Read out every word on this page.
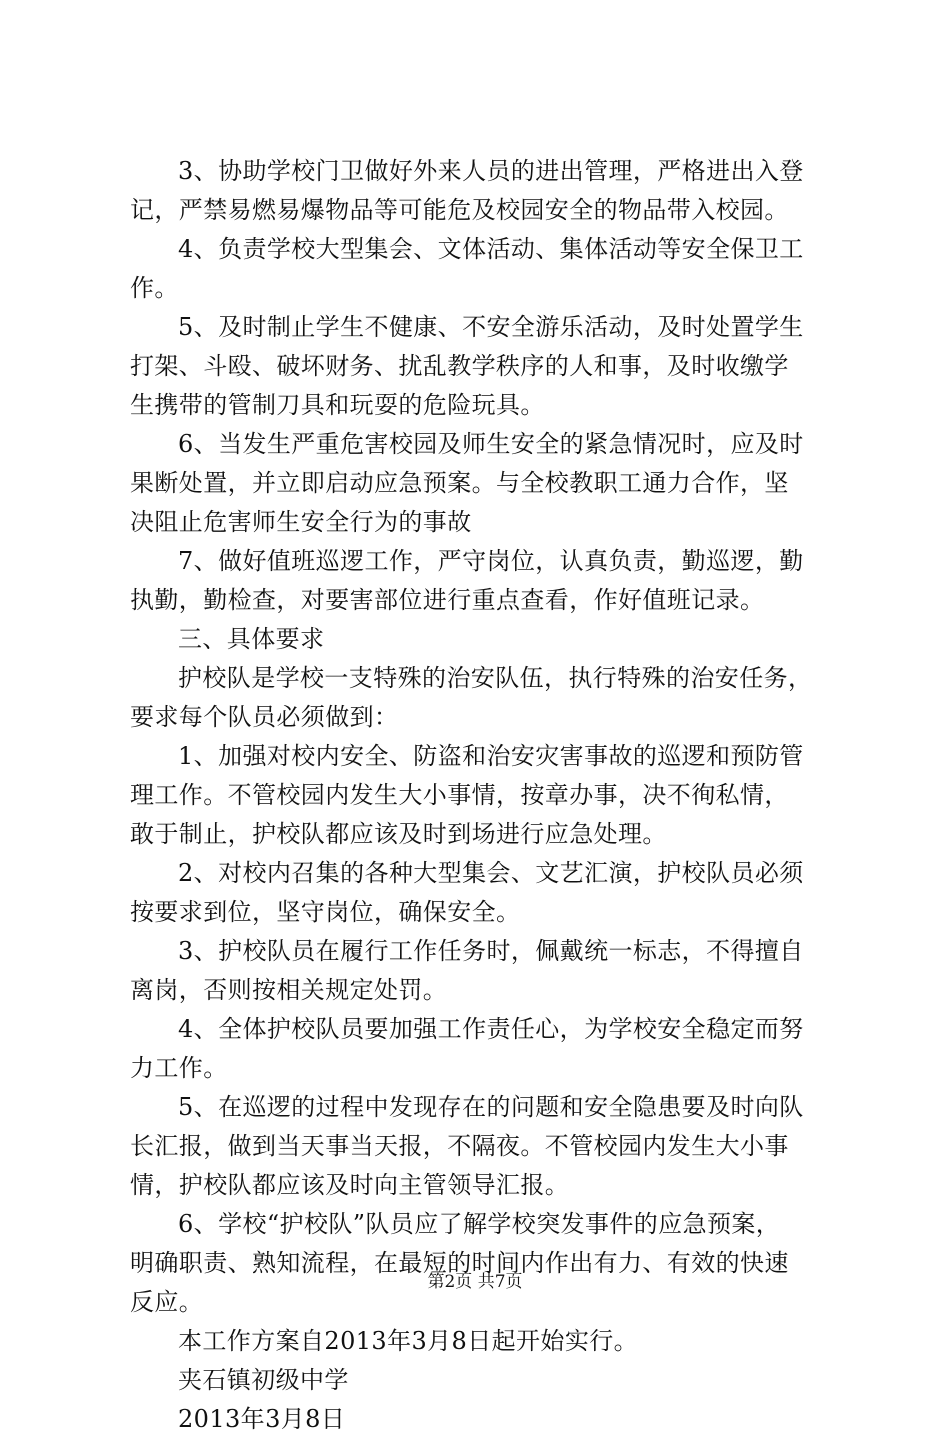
3、协助学校门卫做好外来人员的进出管理，严格进出入登
记，严禁易燃易爆物品等可能危及校园安全的物品带入校园。
4、负责学校大型集会、文体活动、集体活动等安全保卫工
作。
5、及时制止学生不健康、不安全游乐活动，及时处置学生
打架、斗殴、破坏财务、扰乱教学秩序的人和事，及时收缴学
生携带的管制刀具和玩耍的危险玩具。
6、当发生严重危害校园及师生安全的紧急情况时，应及时
果断处置，并立即启动应急预案。与全校教职工通力合作，坚
决阻止危害师生安全行为的事故
7、做好值班巡逻工作，严守岗位，认真负责，勤巡逻，勤
执勤，勤检查，对要害部位进行重点查看，作好值班记录。
三、具体要求
护校队是学校一支特殊的治安队伍，执行特殊的治安任务，
要求每个队员必须做到：
1、加强对校内安全、防盗和治安灾害事故的巡逻和预防管
理工作。不管校园内发生大小事情，按章办事，决不徇私情，
敢于制止，护校队都应该及时到场进行应急处理。
2、对校内召集的各种大型集会、文艺汇演，护校队员必须
按要求到位，坚守岗位，确保安全。
3、护校队员在履行工作任务时，佩戴统一标志，不得擅自
离岗，否则按相关规定处罚。
4、全体护校队员要加强工作责任心，为学校安全稳定而努
力工作。
5、在巡逻的过程中发现存在的问题和安全隐患要及时向队
长汇报，做到当天事当天报，不隔夜。不管校园内发生大小事
情，护校队都应该及时向主管领导汇报。
6、学校“护校队”队员应了解学校突发事件的应急预案，
明确职责、熟知流程，在最短的时间内作出有力、有效的快速
反应。
本工作方案自2013年3月8日起开始实行。
夹石镇初级中学
2013年3月8日
第2页 共7页
